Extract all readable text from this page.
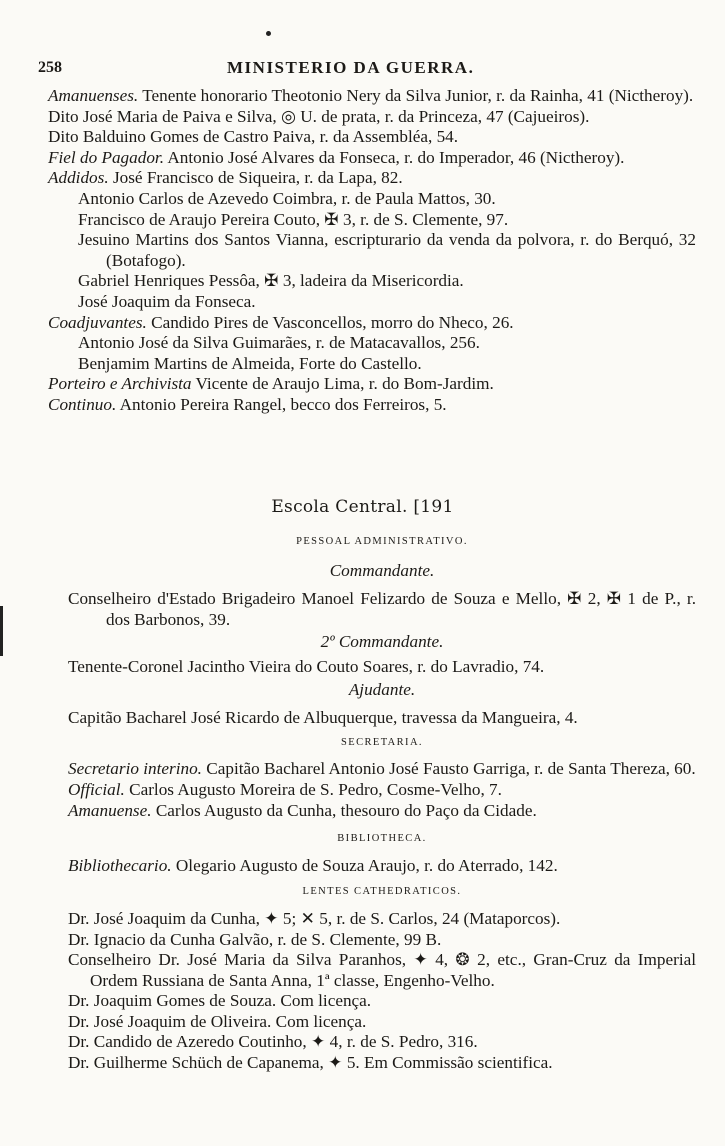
258	MINISTERIO DA GUERRA.

Amanuenses. Tenente honorario Theotonio Nery da Silva Junior, r. da Rainha, 41 (Nictheroy).

Dito José Maria de Paiva e Silva, ◎ U. de prata, r. da Princeza, 47 (Cajueiros).

Dito Balduino Gomes de Castro Paiva, r. da Assembléa, 54.

Fiel do Pagador. Antonio José Alvares da Fonseca, r. do Imperador, 46 (Nictheroy).

Addidos. José Francisco de Siqueira, r. da Lapa, 82.

Antonio Carlos de Azevedo Coimbra, r. de Paula Mattos, 30.

Francisco de Araujo Pereira Couto, ✠ 3, r. de S. Clemente, 97.

Jesuino Martins dos Santos Vianna, escripturario da venda da polvora, r. do Berquó, 32 (Botafogo).

Gabriel Henriques Pessôa, ✠ 3, ladeira da Misericordia.

José Joaquim da Fonseca.

Coadjuvantes. Candido Pires de Vasconcellos, morro do Nheco, 26.

Antonio José da Silva Guimarães, r. de Matacavallos, 256.

Benjamim Martins de Almeida, Forte do Castello.

Porteiro e Archivista Vicente de Araujo Lima, r. do Bom-Jardim.

Continuo. Antonio Pereira Rangel, becco dos Ferreiros, 5.

Escola Central. [191

PESSOAL ADMINISTRATIVO.

Commandante.

Conselheiro d'Estado Brigadeiro Manoel Felizardo de Souza e Mello, ✠ 2, ✠ 1 de P., r. dos Barbonos, 39.

2º Commandante.

Tenente-Coronel Jacintho Vieira do Couto Soares, r. do Lavradio, 74.

Ajudante.

Capitão Bacharel José Ricardo de Albuquerque, travessa da Mangueira, 4.

SECRETARIA.

Secretario interino. Capitão Bacharel Antonio José Fausto Garriga, r. de Santa Thereza, 60.

Official. Carlos Augusto Moreira de S. Pedro, Cosme-Velho, 7.

Amanuense. Carlos Augusto da Cunha, thesouro do Paço da Cidade.

BIBLIOTHECA.

Bibliothecario. Olegario Augusto de Souza Araujo, r. do Aterrado, 142.

LENTES CATHEDRATICOS.

Dr. José Joaquim da Cunha, ✦ 5; ✕ 5, r. de S. Carlos, 24 (Mataporcos).

Dr. Ignacio da Cunha Galvão, r. de S. Clemente, 99 B.

Conselheiro Dr. José Maria da Silva Paranhos, ✦ 4, ❂ 2, etc., Gran-Cruz da Imperial Ordem Russiana de Santa Anna, 1ª classe, Engenho-Velho.

Dr. Joaquim Gomes de Souza. Com licença.

Dr. José Joaquim de Oliveira. Com licença.

Dr. Candido de Azeredo Coutinho, ✦ 4, r. de S. Pedro, 316.

Dr. Guilherme Schüch de Capanema, ✦ 5. Em Commissão scientifica.
